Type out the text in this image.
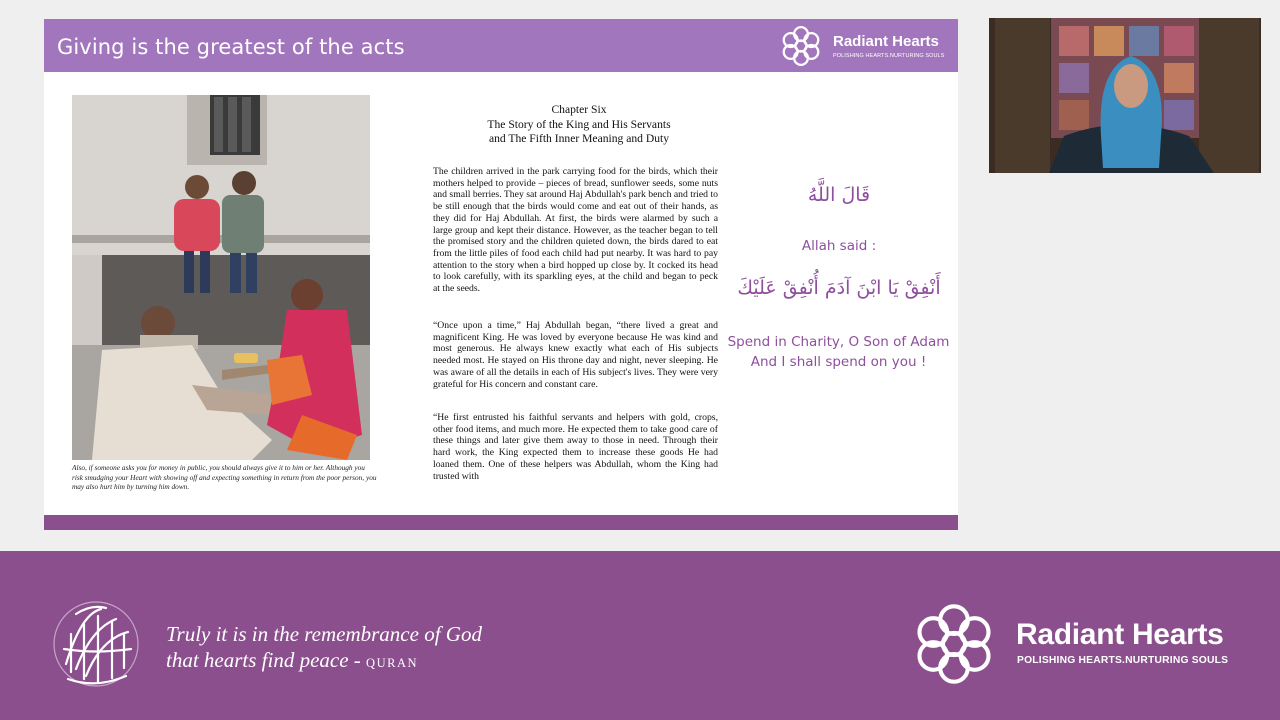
Giving is the greatest of the acts	Radiant Hearts
POLISHING HEARTS.NURTURING SOULS
Also, if someone asks you for money in public, you should always give it to him or her. Although you risk smudging your Heart with showing off and expecting something in return from the poor person, you may also hurt him by turning him down.
Chapter Six
The Story of the King and His Servants
and The Fifth Inner Meaning and Duty
The children arrived in the park carrying food for the birds, which their mothers helped to provide – pieces of bread, sunflower seeds, some nuts and small berries. They sat around Haj Abdullah's park bench and tried to be still enough that the birds would come and eat out of their hands, as they did for Haj Abdullah. At first, the birds were alarmed by such a large group and kept their distance. However, as the teacher began to tell the promised story and the children quieted down, the birds dared to eat from the little piles of food each child had put nearby. It was hard to pay attention to the story when a bird hopped up close by. It cocked its head to look carefully, with its sparkling eyes, at the child and began to peck at the seeds.
“Once upon a time,” Haj Abdullah began, “there lived a great and magnificent King. He was loved by everyone because He was kind and most generous. He always knew exactly what each of His subjects needed most. He stayed on His throne day and night, never sleeping. He was aware of all the details in each of His subject's lives. They were very grateful for His concern and constant care.
“He first entrusted his faithful servants and helpers with gold, crops, other food items, and much more. He expected them to take good care of these things and later give them away to those in need. Through their hard work, the King expected them to increase these goods He had loaned them. One of these helpers was Abdullah, whom the King had trusted with
قَالَ اللَّهُ
Allah said :
أَنْفِقْ يَا ابْنَ آدَمَ أُنْفِقْ عَلَيْكَ
Spend in Charity, O Son of Adam
And I shall spend on you !
Truly it is in the remembrance of God
that hearts find peace - QURAN
Radiant Hearts
POLISHING HEARTS.NURTURING SOULS
